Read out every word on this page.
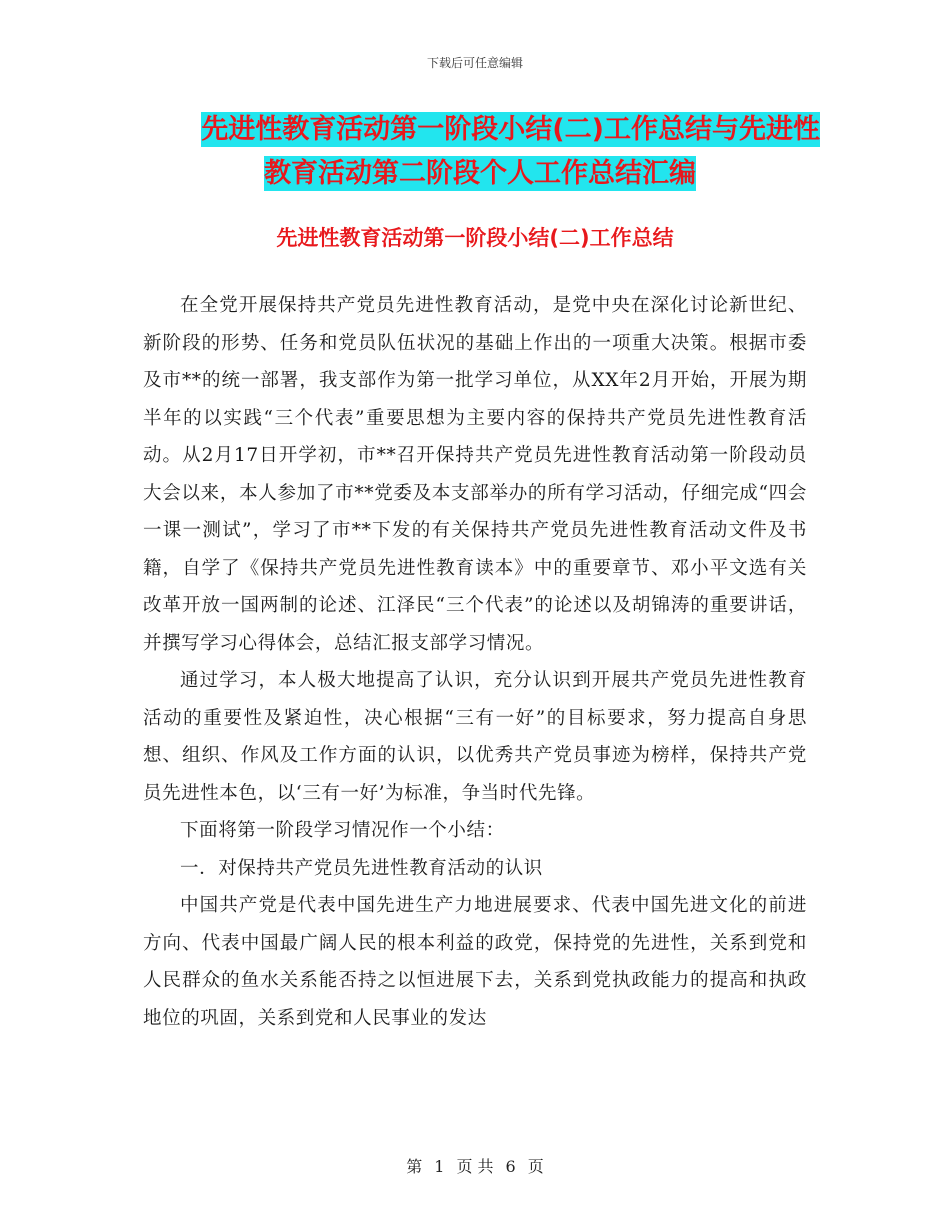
下载后可任意编辑
先进性教育活动第一阶段小结(二)工作总结与先进性
教育活动第二阶段个人工作总结汇编
先进性教育活动第一阶段小结(二)工作总结

在全党开展保持共产党员先进性教育活动，是党中央在深化讨论新世纪、新阶段的形势、任务和党员队伍状况的基础上作出的一项重大决策。根据市委及市**的统一部署，我支部作为第一批学习单位，从XX年2月开始，开展为期半年的以实践“三个代表”重要思想为主要内容的保持共产党员先进性教育活动。从2月17日开学初，市**召开保持共产党员先进性教育活动第一阶段动员大会以来，本人参加了市**党委及本支部举办的所有学习活动，仔细完成“四会一课一测试”，学习了市**下发的有关保持共产党员先进性教育活动文件及书籍，自学了《保持共产党员先进性教育读本》中的重要章节、邓小平文选有关改革开放一国两制的论述、江泽民“三个代表”的论述以及胡锦涛的重要讲话，并撰写学习心得体会，总结汇报支部学习情况。

通过学习，本人极大地提高了认识，充分认识到开展共产党员先进性教育活动的重要性及紧迫性，决心根据“三有一好”的目标要求，努力提高自身思想、组织、作风及工作方面的认识，以优秀共产党员事迹为榜样，保持共产党员先进性本色，以‘三有一好’为标准，争当时代先锋。

下面将第一阶段学习情况作一个小结：

一．对保持共产党员先进性教育活动的认识

中国共产党是代表中国先进生产力地进展要求、代表中国先进文化的前进方向、代表中国最广阔人民的根本利益的政党，保持党的先进性，关系到党和人民群众的鱼水关系能否持之以恒进展下去，关系到党执政能力的提高和执政地位的巩固，关系到党和人民事业的发达

第 1 页 共 6 页
